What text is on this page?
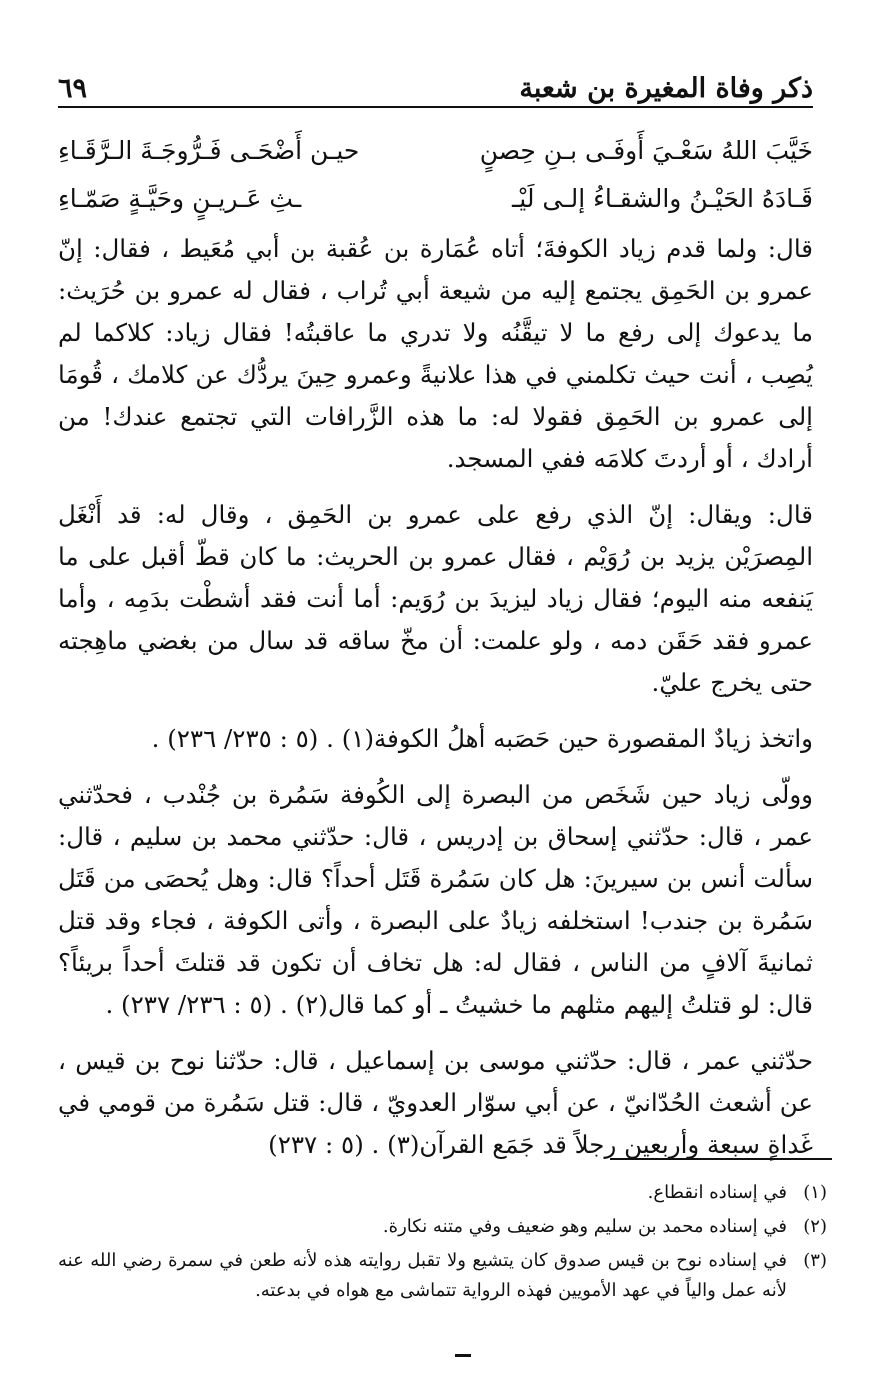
ذكر وفاة المغيرة بن شعبة
٦٩
خَيَّبَ اللهُ سَعْـيَ أَوفَـى بـنِ حِصنٍ
حيـن أَضْحَـى فَـرُّوجَـةَ الـرَّقَـاءِ
قَـادَهُ الحَيْـنُ والشقـاءُ إلـى لَيْـ
ـثِ عَـريـنٍ وحَيَّـةٍ صَمّـاءِ

قال: ولما قدم زياد الكوفةَ؛ أتاه عُمَارة بن عُقبة بن أبي مُعَيط ، فقال: إنّ عمرو بن الحَمِق يجتمع إليه من شيعة أبي تُراب ، فقال له عمرو بن حُرَيث: ما يدعوك إلى رفع ما لا تيقَّنُه ولا تدري ما عاقبتُه! فقال زياد: كلاكما لم يُصِب ، أنت حيث تكلمني في هذا علانيةً وعمرو حِينَ يردُّك عن كلامك ، قُومَا إلى عمرو بن الحَمِق فقولا له: ما هذه الزَّرافات التي تجتمع عندك! من أرادك ، أو أردتَ كلامَه ففي المسجد.

قال: ويقال: إنّ الذي رفع على عمرو بن الحَمِق ، وقال له: قد أَنْغَل المِصرَيْن يزيد بن رُوَيْم ، فقال عمرو بن الحريث: ما كان قطّ أقبل على ما يَنفعه منه اليوم؛ فقال زياد ليزيدَ بن رُوَيم: أما أنت فقد أشطْت بدَمِه ، وأما عمرو فقد حَقَن دمه ، ولو علمت: أن مخّ ساقه قد سال من بغضي ماهِجته حتى يخرج عليّ.

واتخذ زيادٌ المقصورة حين حَصَبه أهلُ الكوفة(١) . (٥ : ٢٣٥/ ٢٣٦) .

وولّى زياد حين شَخَص من البصرة إلى الكُوفة سَمُرة بن جُنْدب ، فحدّثني عمر ، قال: حدّثني إسحاق بن إدريس ، قال: حدّثني محمد بن سليم ، قال: سألت أنس بن سيرينَ: هل كان سَمُرة قَتَل أحداً؟ قال: وهل يُحصَى من قَتَل سَمُرة بن جندب! استخلفه زيادٌ على البصرة ، وأتى الكوفة ، فجاء وقد قتل ثمانيةَ آلافٍ من الناس ، فقال له: هل تخاف أن تكون قد قتلتَ أحداً بريئاً؟ قال: لو قتلتُ إليهم مثلهم ما خشيتُ ـ أو كما قال(٢) . (٥ : ٢٣٦/ ٢٣٧) .

حدّثني عمر ، قال: حدّثني موسى بن إسماعيل ، قال: حدّثنا نوح بن قيس ، عن أشعث الحُدّانيّ ، عن أبي سوّار العدويّ ، قال: قتل سَمُرة من قومي في غَداةٍ سبعة وأربعين رجلاً قد جَمَع القرآن(٣) . (٥ : ٢٣٧)

(١)
في إسناده انقطاع.
(٢)
في إسناده محمد بن سليم وهو ضعيف وفي متنه نكارة.
(٣)
في إسناده نوح بن قيس صدوق كان يتشيع ولا تقبل روايته هذه لأنه طعن في سمرة رضي الله عنه لأنه عمل والياً في عهد الأمويين فهذه الرواية تتماشى مع هواه في بدعته.
